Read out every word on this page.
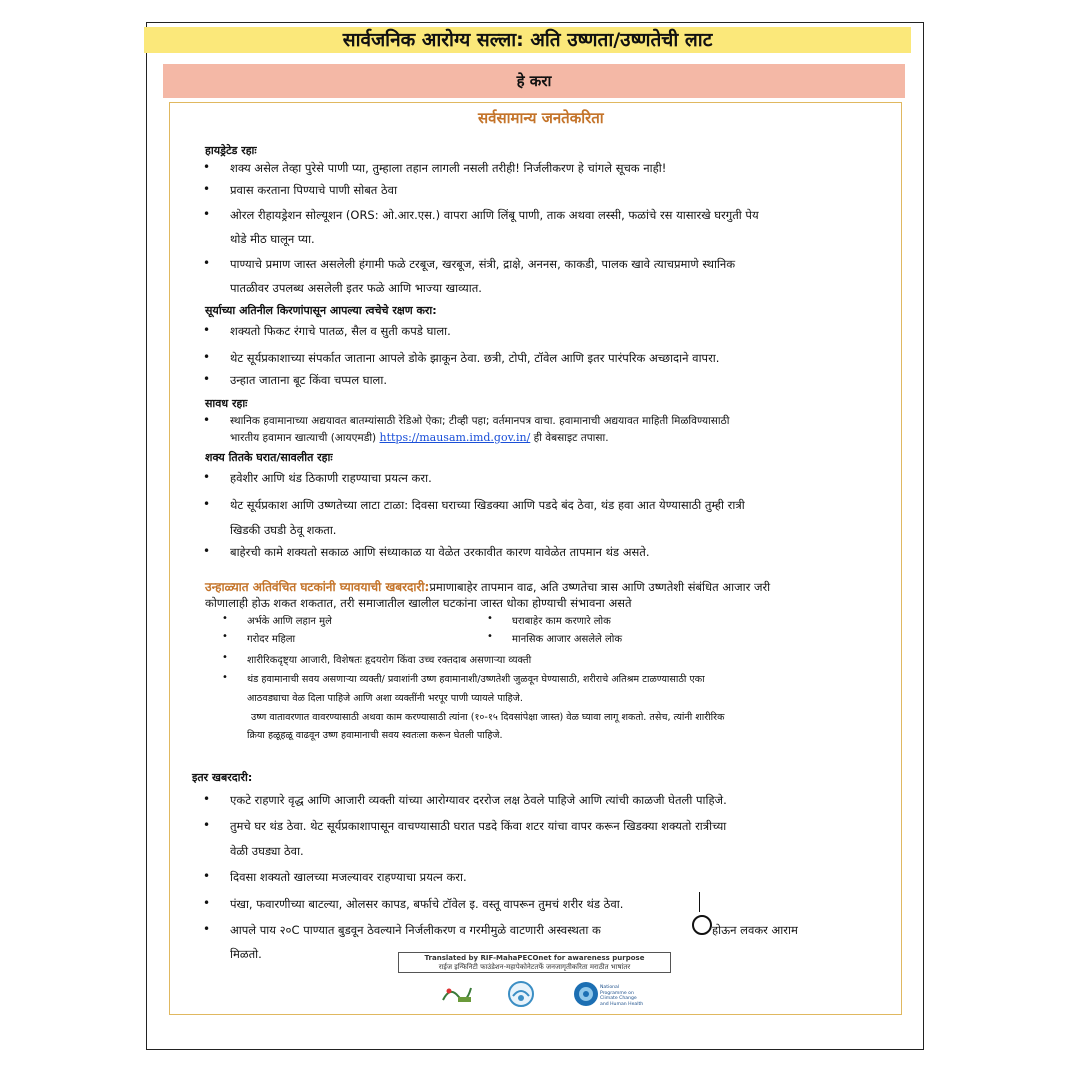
सार्वजनिक आरोग्य सल्ला: अति उष्णता/उष्णतेची लाट
हे करा
सर्वसामान्य जनतेकरिता
हायड्रेटेड रहाः
• शक्य असेल तेव्हा पुरेसे पाणी प्या, तुम्हाला तहान लागली नसली तरीही! निर्जलीकरण हे चांगले सूचक नाही!
• प्रवास करताना पिण्याचे पाणी सोबत ठेवा
• ओरल रीहायड्रेशन सोल्यूशन (ORS: ओ.आर.एस.) वापरा आणि लिंबू पाणी, ताक अथवा लस्सी, फळांचे रस यासारखे घरगुती पेय
थोडे मीठ घालून प्या.
• पाण्याचे प्रमाण जास्त असलेली हंगामी फळे टरबूज, खरबूज, संत्री, द्राक्षे, अननस, काकडी, पालक खावे त्याचप्रमाणे स्थानिक
पातळीवर उपलब्ध असलेली इतर फळे आणि भाज्या खाव्यात.
सूर्याच्या अतिनील किरणांपासून आपल्या त्वचेचे रक्षण करा:
• शक्यतो फिकट रंगाचे पातळ, सैल व सुती कपडे घाला.
• थेट सूर्यप्रकाशाच्या संपर्कात जाताना आपले डोके झाकून ठेवा. छत्री, टोपी, टॉवेल आणि इतर पारंपरिक अच्छादाने वापरा.
• उन्हात जाताना बूट किंवा चप्पल घाला.
सावध रहाः
• स्थानिक हवामानाच्या अद्ययावत बातम्यांसाठी रेडिओ ऐका; टीव्ही पहा; वर्तमानपत्र वाचा. हवामानाची अद्ययावत माहिती मिळविण्यासाठी
भारतीय हवामान खात्याची (आयएमडी) https://mausam.imd.gov.in/ ही वेबसाइट तपासा.
शक्य तितके घरात/सावलीत रहाः
• हवेशीर आणि थंड ठिकाणी राहण्याचा प्रयत्न करा.
• थेट सूर्यप्रकाश आणि उष्णतेच्या लाटा टाळा: दिवसा घराच्या खिडक्या आणि पडदे बंद ठेवा, थंड हवा आत येण्यासाठी तुम्ही रात्री
खिडकी उघडी ठेवू शकता.
• बाहेरची कामे शक्यतो सकाळ आणि संध्याकाळ या वेळेत उरकावीत कारण यावेळेत तापमान थंड असते.
उन्हाळ्यात अतिवंचित घटकांनी घ्यावयाची खबरदारी:प्रमाणाबाहेर तापमान वाढ, अति उष्णतेचा त्रास आणि उष्णतेशी संबंधित आजार जरी
कोणालाही होऊ शकत शकतात, तरी समाजातील खालील घटकांना जास्त धोका होण्याची संभावना असते
• अर्भके आणि लहान मुले	• घराबाहेर काम करणारे लोक
• गरोदर महिला	• मानसिक आजार असलेले लोक
• शारीरिकदृष्ट्या आजारी, विशेषतः हृदयरोग किंवा उच्च रक्तदाब असणाऱ्या व्यक्ती
• थंड हवामानाची सवय असणाऱ्या व्यक्ती/ प्रवाशांनी उष्ण हवामानाशी/उष्णतेशी जुळवून घेण्यासाठी, शरीराचे अतिश्रम टाळण्यासाठी एका
आठवड्याचा वेळ दिला पाहिजे आणि अशा व्यक्तींनी भरपूर पाणी प्यायले पाहिजे.
उष्ण वातावरणात वावरण्यासाठी अथवा काम करण्यासाठी त्यांना (१०-१५ दिवसांपेक्षा जास्त) वेळ घ्यावा लागू शकतो. तसेच, त्यांनी शारीरिक
क्रिया हळूहळू वाढवून उष्ण हवामानाची सवय स्वतःला करून घेतली पाहिजे.
इतर खबरदारी:
• एकटे राहणारे वृद्ध आणि आजारी व्यक्ती यांच्या आरोग्यावर दररोज लक्ष ठेवले पाहिजे आणि त्यांची काळजी घेतली पाहिजे.
• तुमचे घर थंड ठेवा. थेट सूर्यप्रकाशापासून वाचण्यासाठी घरात पडदे किंवा शटर यांचा वापर करून खिडक्या शक्यतो रात्रीच्या
वेळी उघड्या ठेवा.
• दिवसा शक्यतो खालच्या मजल्यावर राहण्याचा प्रयत्न करा.
• पंखा, फवारणीच्या बाटल्या, ओलसर कापड, बर्फाचे टॉवेल इ. वस्तू वापरून तुमचं शरीर थंड ठेवा.
• आपले पाय २०C पाण्यात बुडवून ठेवल्याने निर्जलीकरण व गरमीमुळे वाटणारी अस्वस्थता क	होऊन लवकर आराम
मिळतो.	Translated by RIF-MahaPECOnet for awareness purpose
राईज इन्फिनिटी फाउंडेशन-महापेकोनेटतर्फे जनजागृतीकरिता मराठीत भाषांतर
National Programme on Climate Change and Human Health
